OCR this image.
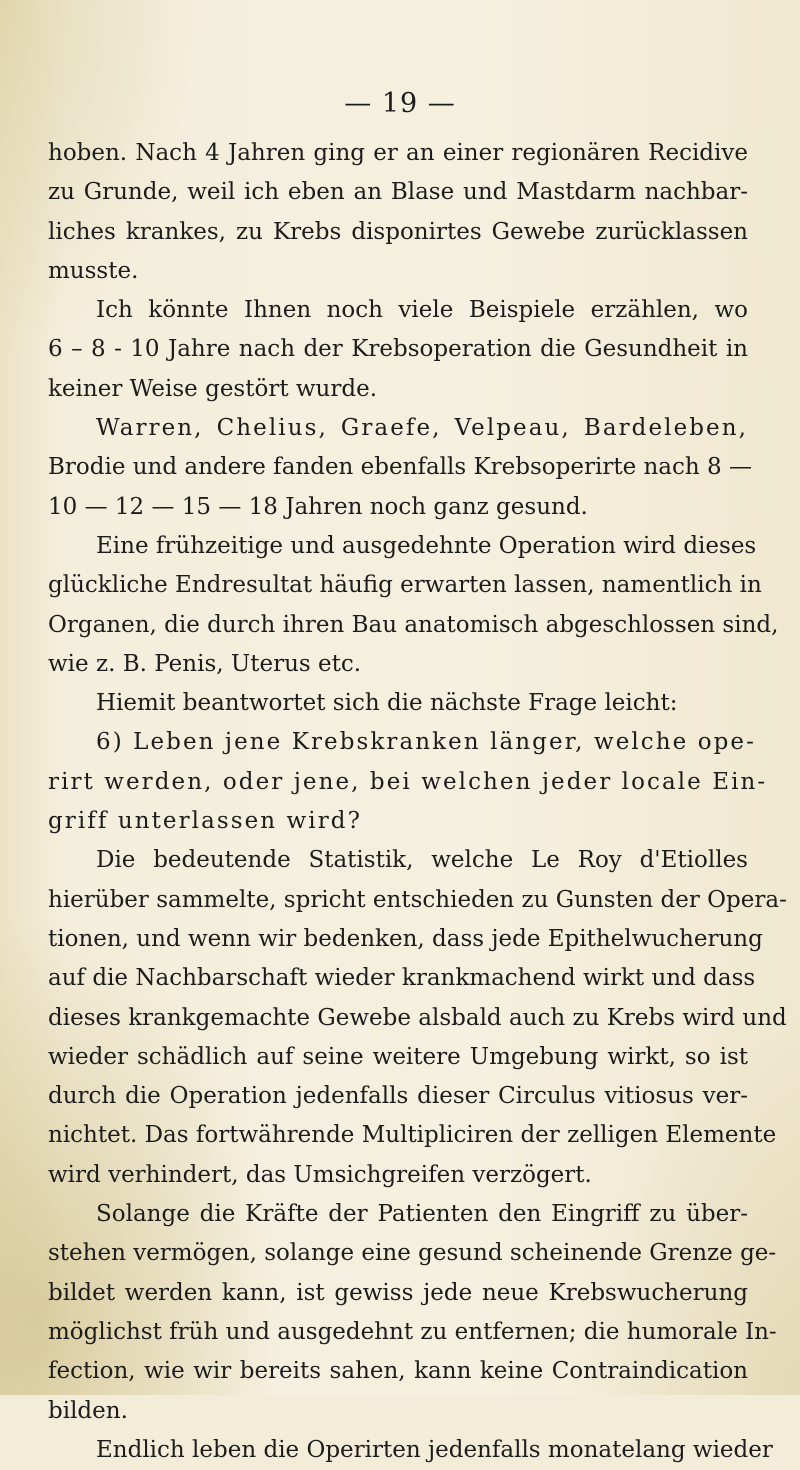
— 19 —
hoben. Nach 4 Jahren ging er an einer regionären Recidive
zu Grunde, weil ich eben an Blase und Mastdarm nachbar-
liches krankes, zu Krebs disponirtes Gewebe zurücklassen
musste.
Ich könnte Ihnen noch viele Beispiele erzählen, wo
6 – 8 - 10 Jahre nach der Krebsoperation die Gesundheit in
keiner Weise gestört wurde.
Warren, Chelius, Graefe, Velpeau, Bardeleben,
Brodie und andere fanden ebenfalls Krebsoperirte nach 8 —
10 — 12 — 15 — 18 Jahren noch ganz gesund.
Eine frühzeitige und ausgedehnte Operation wird dieses
glückliche Endresultat häufig erwarten lassen, namentlich in
Organen, die durch ihren Bau anatomisch abgeschlossen sind,
wie z. B. Penis, Uterus etc.
Hiemit beantwortet sich die nächste Frage leicht:
6) Leben jene Krebskranken länger, welche ope-
rirt werden, oder jene, bei welchen jeder locale Ein-
griff unterlassen wird?
Die bedeutende Statistik, welche Le Roy d'Etiolles
hierüber sammelte, spricht entschieden zu Gunsten der Opera-
tionen, und wenn wir bedenken, dass jede Epithelwucherung
auf die Nachbarschaft wieder krankmachend wirkt und dass
dieses krankgemachte Gewebe alsbald auch zu Krebs wird und
wieder schädlich auf seine weitere Umgebung wirkt, so ist
durch die Operation jedenfalls dieser Circulus vitiosus ver-
nichtet. Das fortwährende Multipliciren der zelligen Elemente
wird verhindert, das Umsichgreifen verzögert.
Solange die Kräfte der Patienten den Eingriff zu über-
stehen vermögen, solange eine gesund scheinende Grenze ge-
bildet werden kann, ist gewiss jede neue Krebswucherung
möglichst früh und ausgedehnt zu entfernen; die humorale In-
fection, wie wir bereits sahen, kann keine Contraindication
bilden.
Endlich leben die Operirten jedenfalls monatelang wieder
